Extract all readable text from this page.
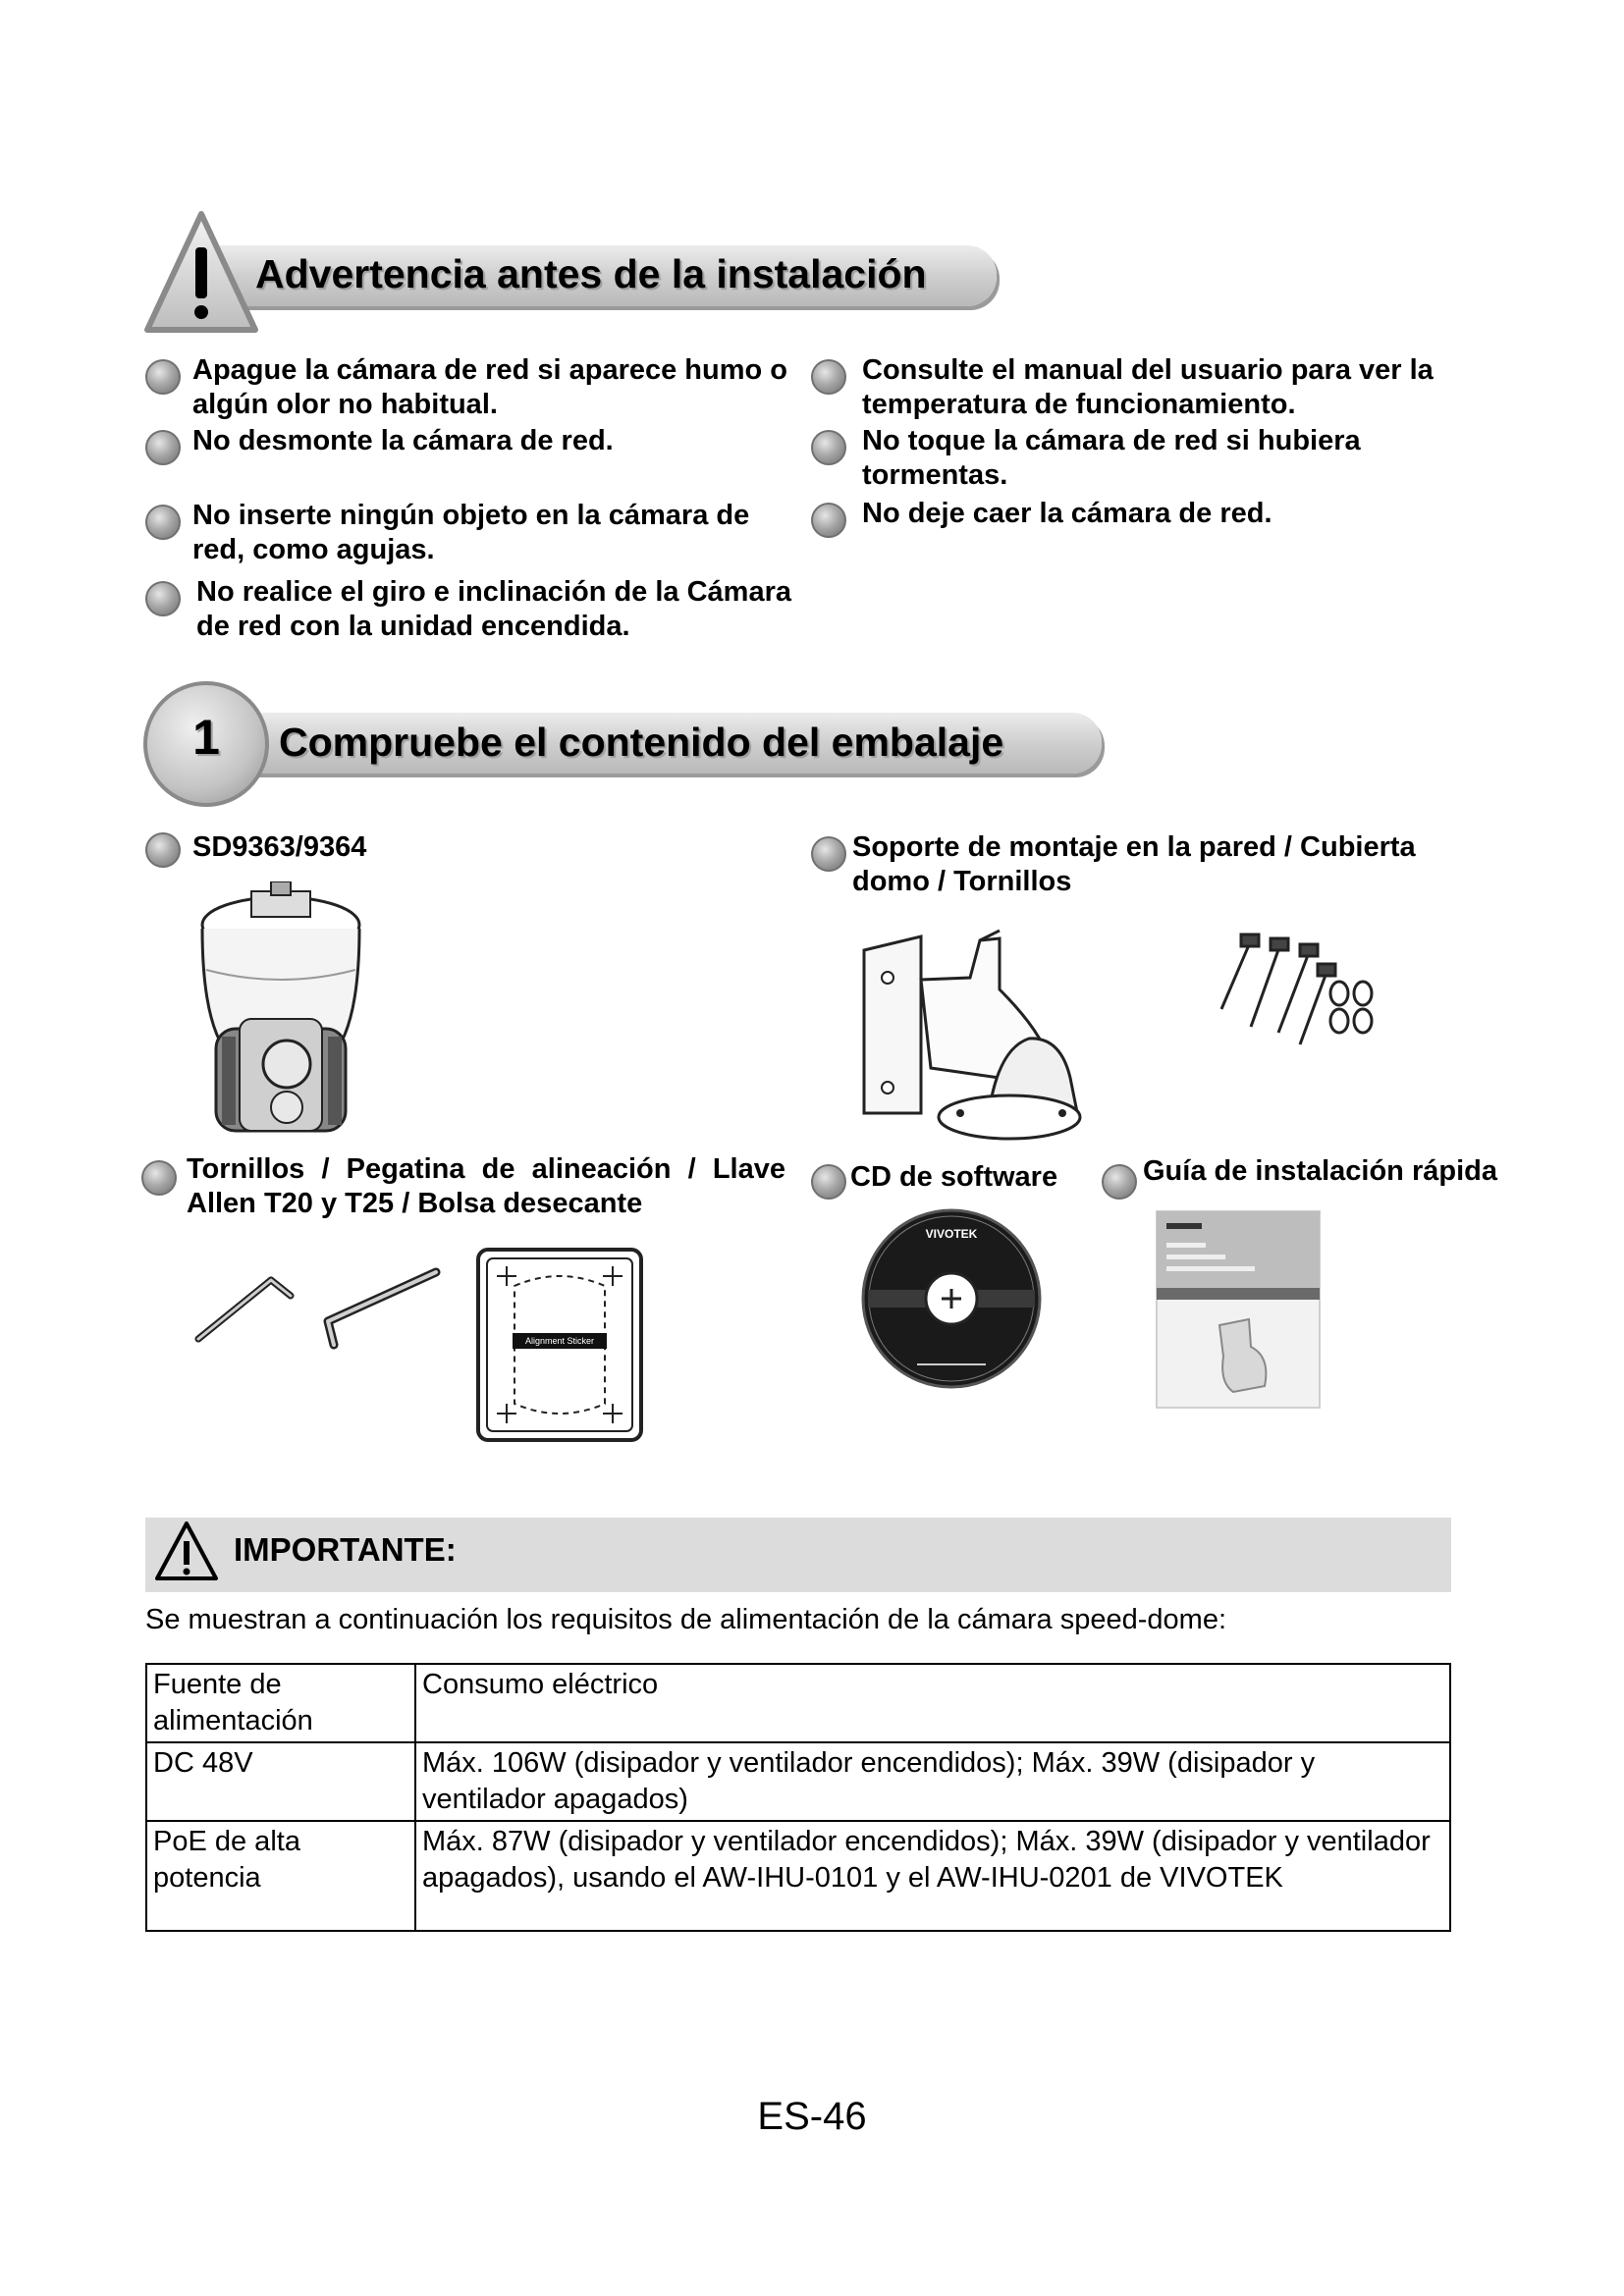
Advertencia antes de la instalación
Apague la cámara de red si aparece humo o algún olor no habitual.
No desmonte la cámara de red.
No inserte ningún objeto en la cámara de red, como agujas.
No realice el giro e inclinación de la Cámara de red con la unidad encendida.
Consulte el manual del usuario para ver la temperatura de funcionamiento.
No toque la cámara de red si hubiera tormentas.
No deje caer la cámara de red.
1 Compruebe el contenido del embalaje
SD9363/9364	Soporte de montaje en la pared / Cubierta domo / Tornillos
Tornillos / Pegatina de alineación / Llave Allen T20 y T25 / Bolsa desecante
Alignment Sticker
CD de software
VIVOTEK
Guía de instalación rápida
IMPORTANTE:
Se muestran a continuación los requisitos de alimentación de la cámara speed-dome:
Fuente de alimentación	Consumo eléctrico
DC 48V	Máx. 106W (disipador y ventilador encendidos); Máx. 39W (disipador y ventilador apagados)
PoE de alta potencia	Máx. 87W (disipador y ventilador encendidos); Máx. 39W (disipador y ventilador apagados), usando el AW-IHU-0101 y el AW-IHU-0201 de VIVOTEK
ES-46
